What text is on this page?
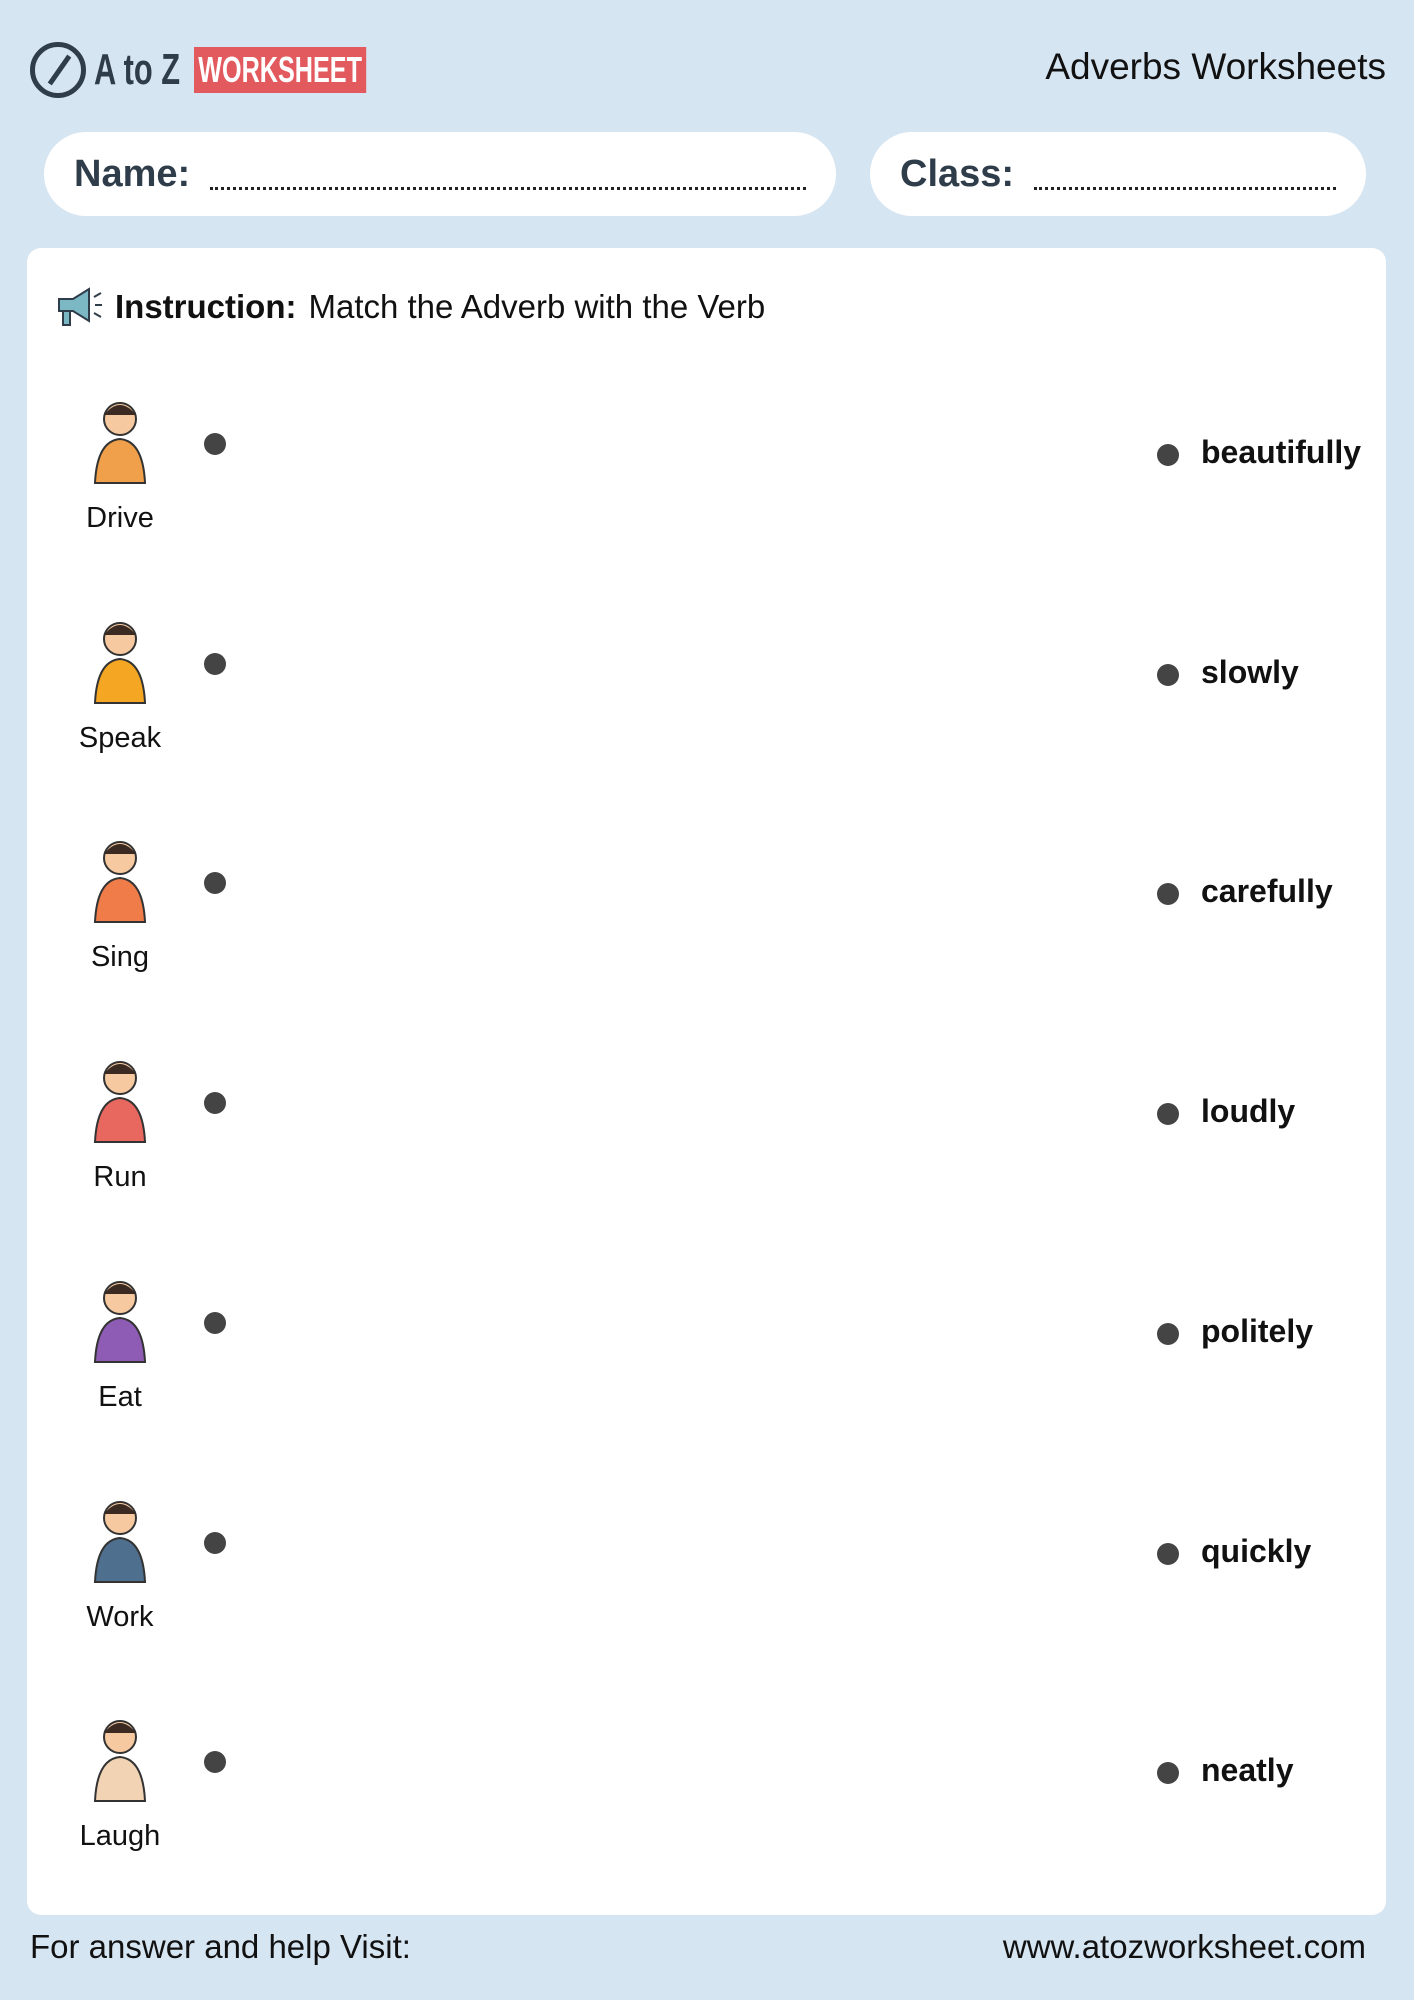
A to Z WORKSHEET	Adverbs Worksheets
Name:	Class:
Instruction: Match the Adverb with the Verb
Drive
beautifully
Speak
slowly
Sing
carefully
Run
loudly
Eat
politely
Work
quickly
Laugh
neatly
For answer and help Visit:	www.atozworksheet.com
